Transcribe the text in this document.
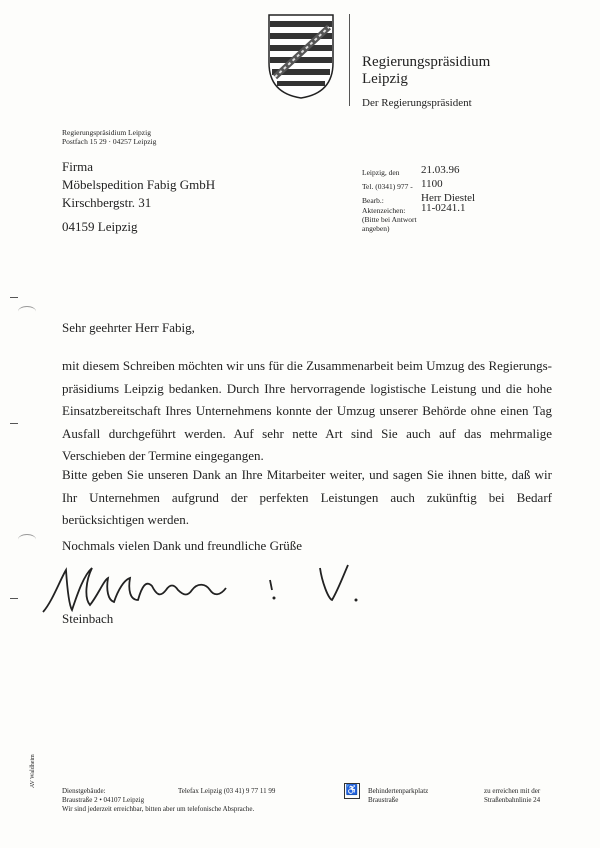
Regierungspräsidium
Leipzig
Der Regierungspräsident
Regierungspräsidium Leipzig
Postfach 15 29 · 04257 Leipzig
Firma
Möbelspedition Fabig GmbH
Kirschbergstr. 31
04159 Leipzig
Leipzig, den 21.03.96
Tel. (0341) 977 - 1100
Bearb.:	Herr Diestel
Aktenzeichen: 11-0241.1
(Bitte bei Antwort
angeben)
Sehr geehrter Herr Fabig,
mit diesem Schreiben möchten wir uns für die Zusammenarbeit beim Umzug des Regierungs-präsidiums Leipzig bedanken. Durch Ihre hervorragende logistische Leistung und die hohe Einsatzbereitschaft Ihres Unternehmens konnte der Umzug unserer Behörde ohne einen Tag Ausfall durchgeführt werden. Auf sehr nette Art sind Sie auch auf das mehrmalige Verschieben der Termine eingegangen.
Bitte geben Sie unseren Dank an Ihre Mitarbeiter weiter, und sagen Sie ihnen bitte, daß wir Ihr Unternehmen aufgrund der perfekten Leistungen auch zukünftig bei Bedarf berücksichtigen werden.
Nochmals vielen Dank und freundliche Grüße
Steinbach
AV Waldheim
Dienstgebäude:
Braustraße 2 • 04107 Leipzig
Wir sind jederzeit erreichbar, bitten aber um telefonische Absprache.
Telefax Leipzig (03 41) 9 77 11 99	♿ Behindertenparkplatz
Braustraße
zu erreichen mit der
Straßenbahnlinie 24
